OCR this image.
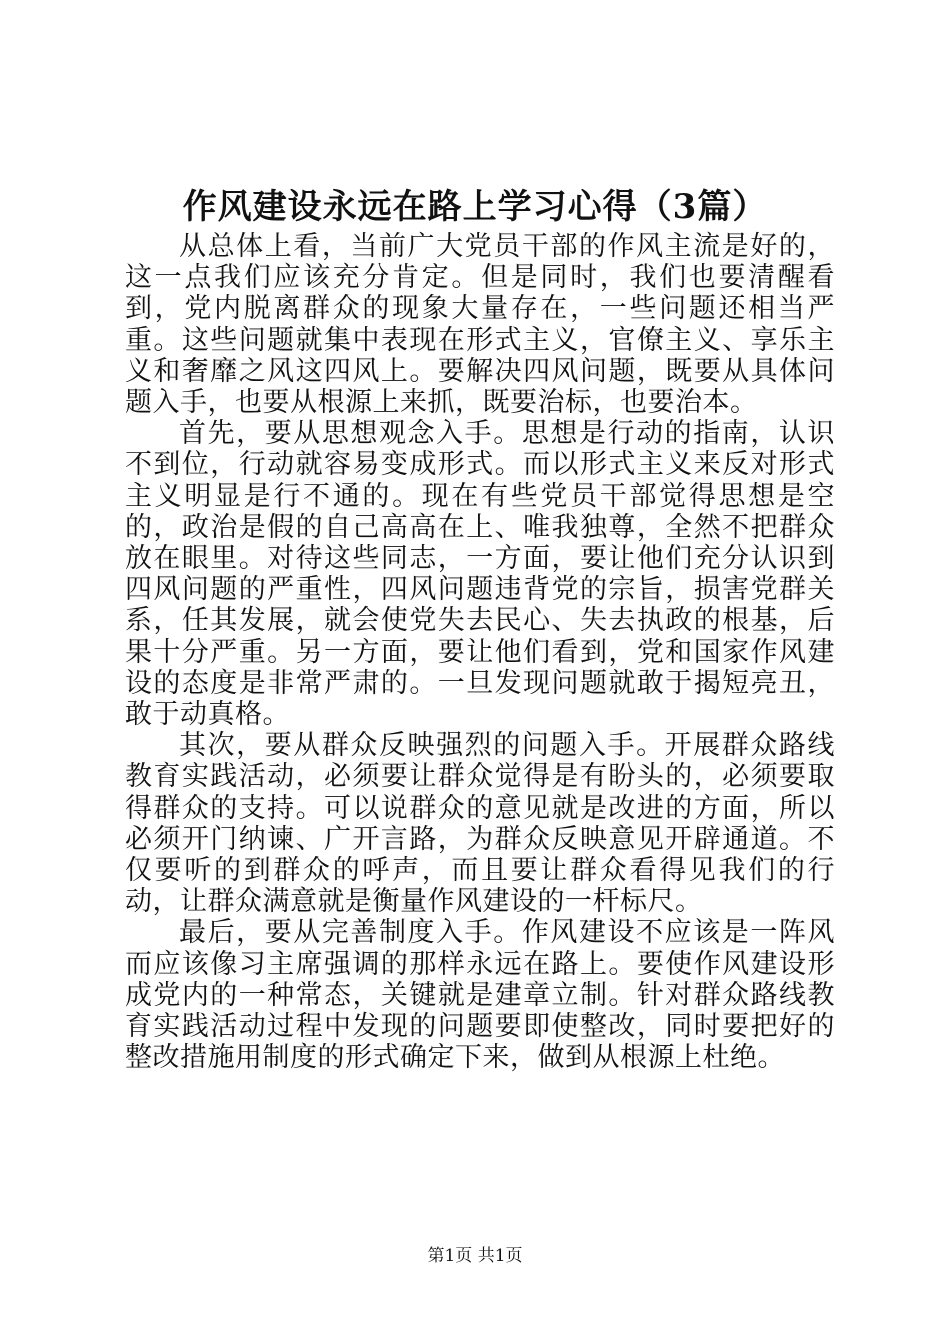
作风建设永远在路上学习心得（3篇）

从总体上看，当前广大党员干部的作风主流是好的，这一点我们应该充分肯定。但是同时，我们也要清醒看到，党内脱离群众的现象大量存在，一些问题还相当严重。这些问题就集中表现在形式主义，官僚主义、享乐主义和奢靡之风这四风上。要解决四风问题，既要从具体问题入手，也要从根源上来抓，既要治标，也要治本。

首先，要从思想观念入手。思想是行动的指南，认识不到位，行动就容易变成形式。而以形式主义来反对形式主义明显是行不通的。现在有些党员干部觉得思想是空的，政治是假的自己高高在上、唯我独尊，全然不把群众放在眼里。对待这些同志，一方面，要让他们充分认识到四风问题的严重性，四风问题违背党的宗旨，损害党群关系，任其发展，就会使党失去民心、失去执政的根基，后果十分严重。另一方面，要让他们看到，党和国家作风建设的态度是非常严肃的。一旦发现问题就敢于揭短亮丑，敢于动真格。

其次，要从群众反映强烈的问题入手。开展群众路线教育实践活动，必须要让群众觉得是有盼头的，必须要取得群众的支持。可以说群众的意见就是改进的方面，所以必须开门纳谏、广开言路，为群众反映意见开辟通道。不仅要听的到群众的呼声，而且要让群众看得见我们的行动，让群众满意就是衡量作风建设的一杆标尺。

最后，要从完善制度入手。作风建设不应该是一阵风而应该像习主席强调的那样永远在路上。要使作风建设形成党内的一种常态，关键就是建章立制。针对群众路线教育实践活动过程中发现的问题要即使整改，同时要把好的整改措施用制度的形式确定下来，做到从根源上杜绝。

第1页 共1页
